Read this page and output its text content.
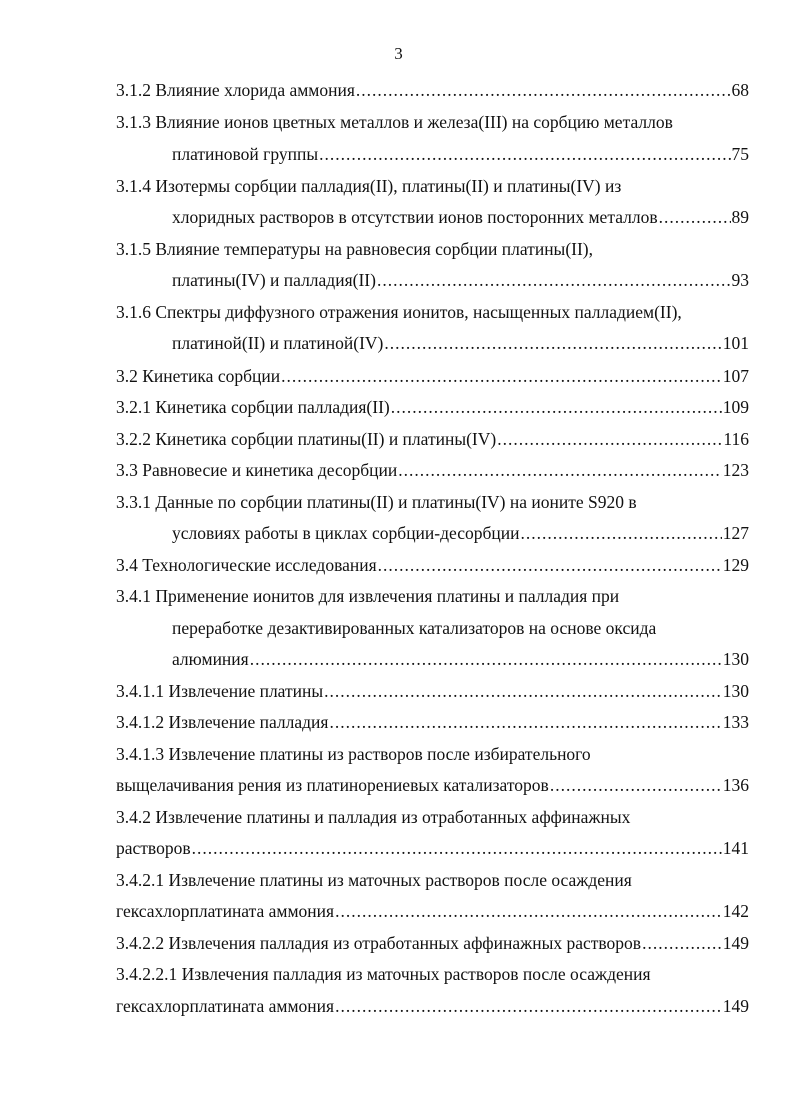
3
3.1.2 Влияние хлорида аммония .....	68
3.1.3 Влияние ионов цветных металлов и железа(III) на сорбцию металлов
платиновой группы .....	75
3.1.4 Изотермы сорбции палладия(II), платины(II) и платины(IV) из
хлоридных растворов в отсутствии ионов посторонних металлов .....	89
3.1.5 Влияние температуры на равновесия сорбции платины(II),
платины(IV) и палладия(II) .....	93
3.1.6 Спектры диффузного отражения ионитов, насыщенных палладием(II),
платиной(II) и платиной(IV) .....	101
3.2 Кинетика сорбции .....	107
3.2.1 Кинетика сорбции палладия(II) .....	109
3.2.2 Кинетика сорбции платины(II) и платины(IV) .....	116
3.3 Равновесие и кинетика десорбции .....	123
3.3.1 Данные по сорбции платины(II) и платины(IV) на ионите S920 в
условиях работы в циклах сорбции-десорбции .....	127
3.4 Технологические исследования .....	129
3.4.1 Применение ионитов для извлечения платины и палладия при
переработке дезактивированных катализаторов на основе оксида
алюминия .....	130
3.4.1.1 Извлечение платины .....	130
3.4.1.2 Извлечение палладия .....	133
3.4.1.3 Извлечение платины из растворов после избирательного
выщелачивания рения из платинорениевых катализаторов .....	136
3.4.2 Извлечение платины и палладия из отработанных аффинажных
растворов .....	141
3.4.2.1 Извлечение платины из маточных растворов после осаждения
гексахлорплатината аммония .....	142
3.4.2.2 Извлечения палладия из отработанных аффинажных растворов .....	149
3.4.2.2.1 Извлечения палладия из маточных растворов после осаждения
гексахлорплатината аммония .....	149
